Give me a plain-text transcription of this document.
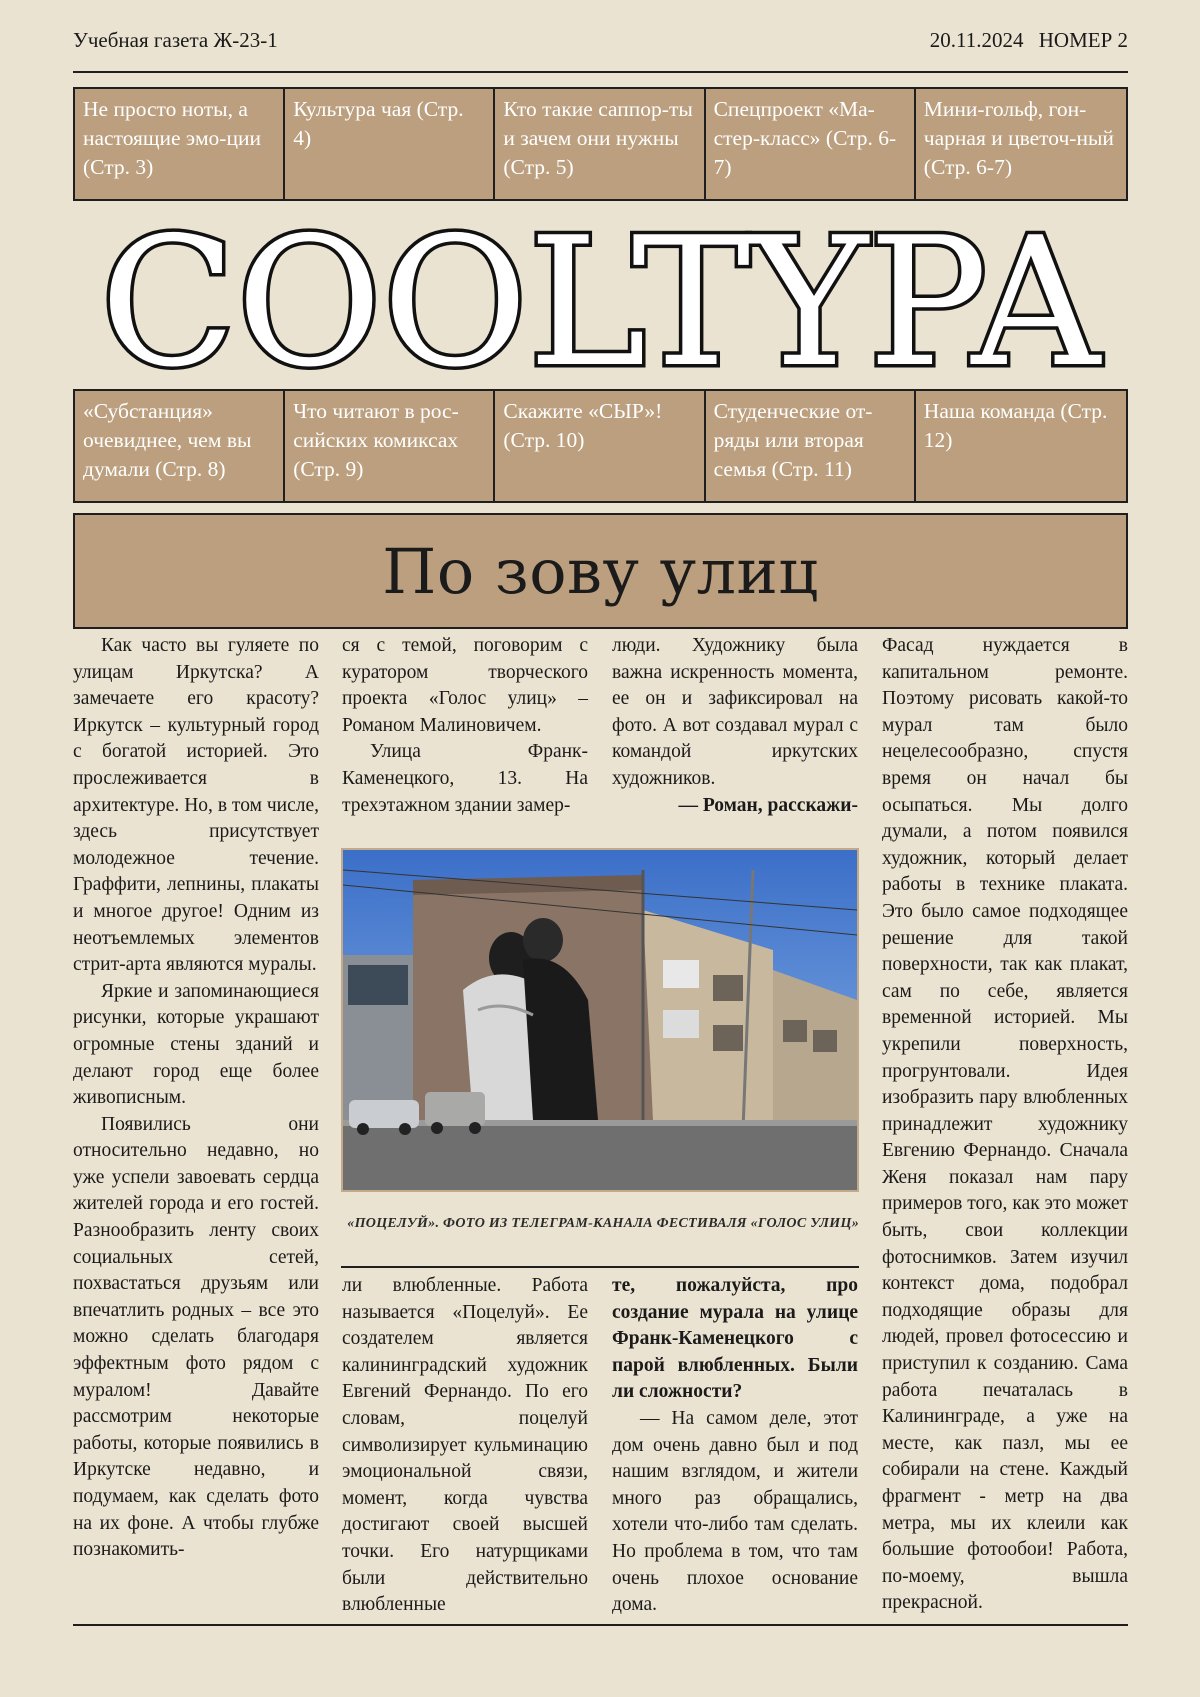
Учебная газета Ж-23-1	20.11.2024 НОМЕР 2
Не просто ноты, а настоящие эмо-ции (Стр. 3)
Культура чая (Стр. 4)
Кто такие саппор-ты и зачем они нужны (Стр. 5)
Спецпроект «Ма-стер-класс» (Стр. 6-7)
Мини-гольф, гон-чарная и цветоч-ный (Стр. 6-7)
COOLTYPA
«Субстанция» очевиднее, чем вы думали (Стр. 8)
Что читают в рос-сийских комиксах (Стр. 9)
Скажите «СЫР»! (Стр. 10)
Студенческие от-ряды или вторая семья (Стр. 11)
Наша команда (Стр. 12)
По зову улиц

Как часто вы гуляете по улицам Иркутска? А замечаете его красоту? Иркутск – культурный город с богатой историей. Это прослеживается в архитектуре. Но, в том числе, здесь присутствует молодежное течение. Граффити, лепнины, плакаты и многое другое! Одним из неотъемлемых элементов стрит-арта являются муралы.

Яркие и запоминающиеся рисунки, которые украшают огромные стены зданий и делают город еще более живописным.

Появились они относительно недавно, но уже успели завоевать сердца жителей города и его гостей. Разнообразить ленту своих социальных сетей, похвастаться друзьям или впечатлить родных – все это можно сделать благодаря эффектным фото рядом с муралом! Давайте рассмотрим некоторые работы, которые появились в Иркутске недавно, и подумаем, как сделать фото на их фоне. А чтобы глубже познакомить-

ся с темой, поговорим с куратором творческого проекта «Голос улиц» – Романом Малиновичем.

Улица Франк-Каменецкого, 13. На трехэтажном здании замер-

люди. Художнику была важна искренность момента, ее он и зафиксировал на фото. А вот создавал мурал с командой иркутских художников.

— Роман, расскажи-

«ПОЦЕЛУЙ». ФОТО ИЗ ТЕЛЕГРАМ-КАНАЛА ФЕСТИВАЛЯ «ГОЛОС УЛИЦ»

ли влюбленные. Работа называется «Поцелуй». Ее создателем является калининградский художник Евгений Фернандо. По его словам, поцелуй символизирует кульминацию эмоциональной связи, момент, когда чувства достигают своей высшей точки. Его натурщиками были действительно влюбленные

те, пожалуйста, про создание мурала на улице Франк-Каменецкого с парой влюбленных. Были ли сложности?

— На самом деле, этот дом очень давно был и под нашим взглядом, и жители много раз обращались, хотели что-либо там сделать. Но проблема в том, что там очень плохое основание дома.

Фасад нуждается в капитальном ремонте. Поэтому рисовать какой-то мурал там было нецелесообразно, спустя время он начал бы осыпаться. Мы долго думали, а потом появился художник, который делает работы в технике плаката. Это было самое подходящее решение для такой поверхности, так как плакат, сам по себе, является временной историей. Мы укрепили поверхность, прогрунтовали. Идея изобразить пару влюбленных принадлежит художнику Евгению Фернандо. Сначала Женя показал нам пару примеров того, как это может быть, свои коллекции фотоснимков. Затем изучил контекст дома, подобрал подходящие образы для людей, провел фотосессию и приступил к созданию. Сама работа печаталась в Калининграде, а уже на месте, как пазл, мы ее собирали на стене. Каждый фрагмент - метр на два метра, мы их клеили как большие фотообои! Работа, по-моему, вышла прекрасной.
